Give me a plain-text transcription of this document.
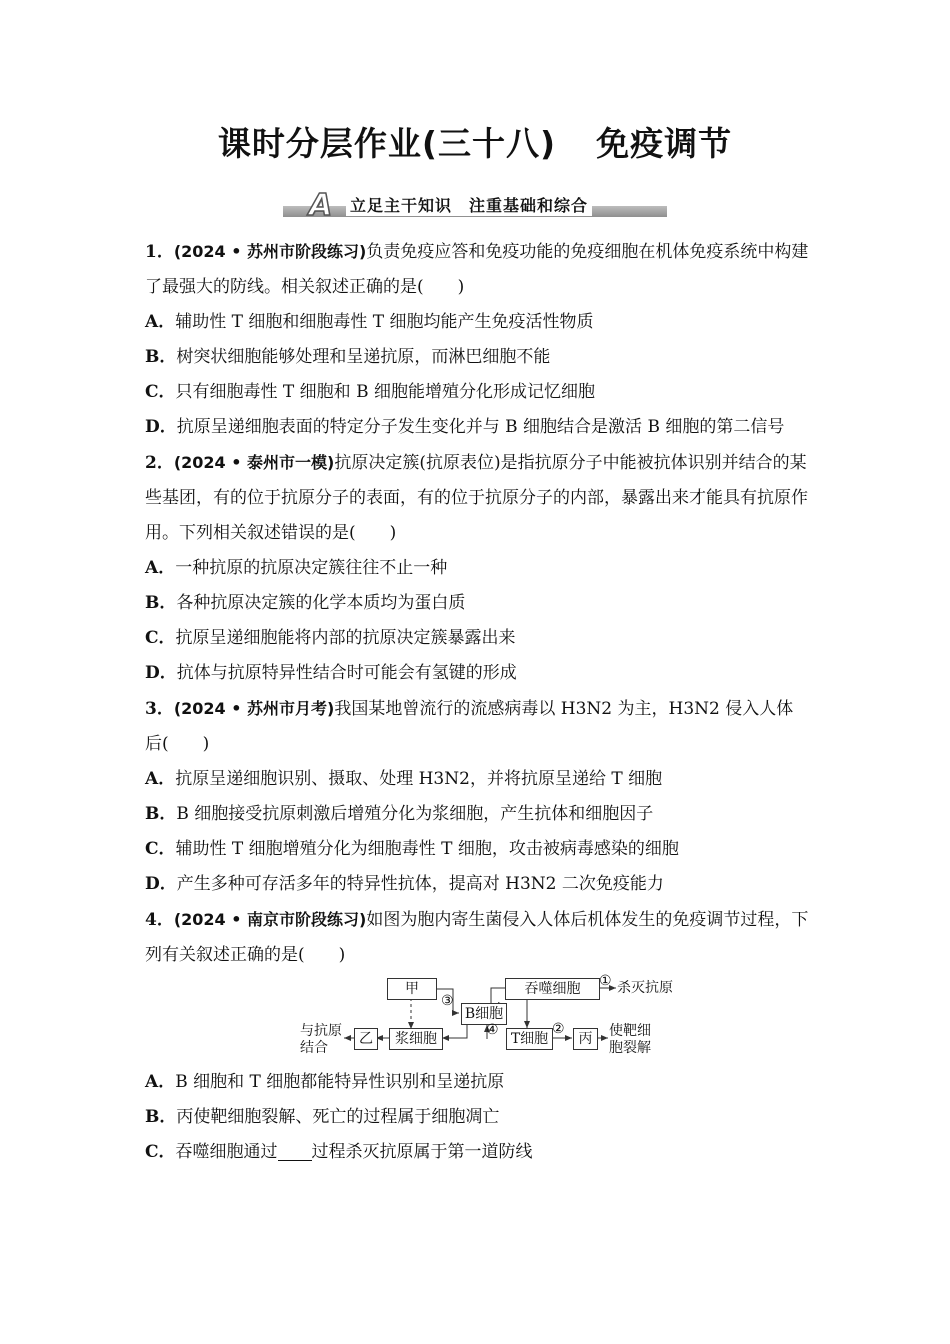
课时分层作业(三十八) 免疫调节
A 立足主干知识　注重基础和综合

1．(2024 • 苏州市阶段练习)负责免疫应答和免疫功能的免疫细胞在机体免疫系统中构建了最强大的防线。相关叙述正确的是(　　)

A．辅助性 T 细胞和细胞毒性 T 细胞均能产生免疫活性物质

B．树突状细胞能够处理和呈递抗原，而淋巴细胞不能

C．只有细胞毒性 T 细胞和 B 细胞能增殖分化形成记忆细胞

D．抗原呈递细胞表面的特定分子发生变化并与 B 细胞结合是激活 B 细胞的第二信号

2．(2024 • 泰州市一模)抗原决定簇(抗原表位)是指抗原分子中能被抗体识别并结合的某些基团，有的位于抗原分子的表面，有的位于抗原分子的内部，暴露出来才能具有抗原作用。下列相关叙述错误的是(　　)

A．一种抗原的抗原决定簇往往不止一种

B．各种抗原决定簇的化学本质均为蛋白质

C．抗原呈递细胞能将内部的抗原决定簇暴露出来

D．抗体与抗原特异性结合时可能会有氢键的形成

3．(2024 • 苏州市月考)我国某地曾流行的流感病毒以 H3N2 为主，H3N2 侵入人体后(　　)

A．抗原呈递细胞识别、摄取、处理 H3N2，并将抗原呈递给 T 细胞

B．B 细胞接受抗原刺激后增殖分化为浆细胞，产生抗体和细胞因子

C．辅助性 T 细胞增殖分化为细胞毒性 T 细胞，攻击被病毒感染的细胞

D．产生多种可存活多年的特异性抗体，提高对 H3N2 二次免疫能力

4．(2024 • 南京市阶段练习)如图为胞内寄生菌侵入人体后机体发生的免疫调节过程，下列有关叙述正确的是(　　)

甲
③
吞噬细胞	① 杀灭抗原
B细胞
④
与抗原
结合
乙	浆细胞	T细胞
②
丙	使靶细
胞裂解

A．B 细胞和 T 细胞都能特异性识别和呈递抗原

B．丙使靶细胞裂解、死亡的过程属于细胞凋亡

C．吞噬细胞通过 过程杀灭抗原属于第一道防线
